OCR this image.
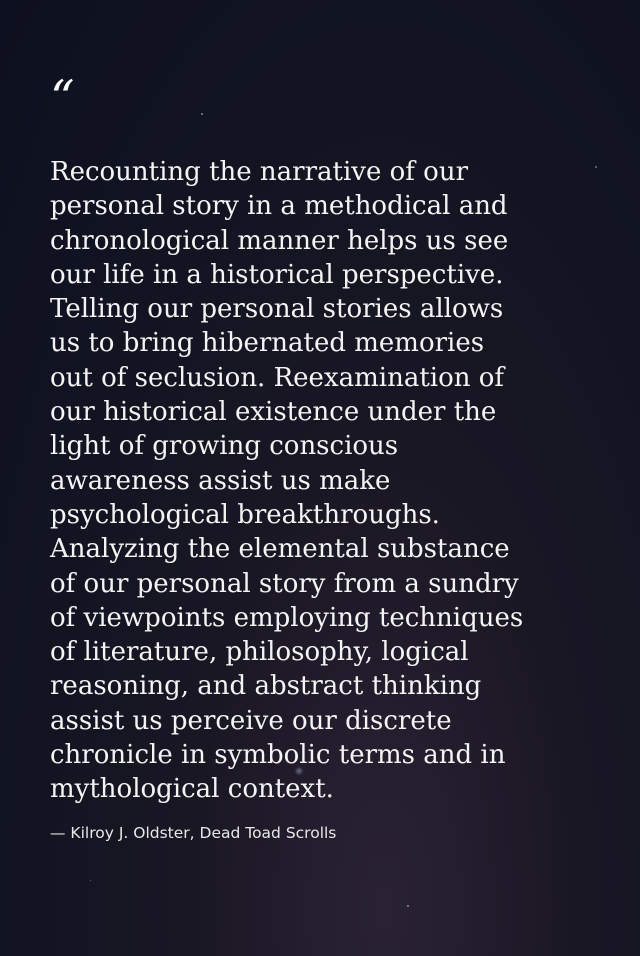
“
Recounting the narrative of our
personal story in a methodical and
chronological manner helps us see
our life in a historical perspective.
Telling our personal stories allows
us to bring hibernated memories
out of seclusion. Reexamination of
our historical existence under the
light of growing conscious
awareness assist us make
psychological breakthroughs.
Analyzing the elemental substance
of our personal story from a sundry
of viewpoints employing techniques
of literature, philosophy, logical
reasoning, and abstract thinking
assist us perceive our discrete
chronicle in symbolic terms and in
mythological context.
— Kilroy J. Oldster, Dead Toad Scrolls
